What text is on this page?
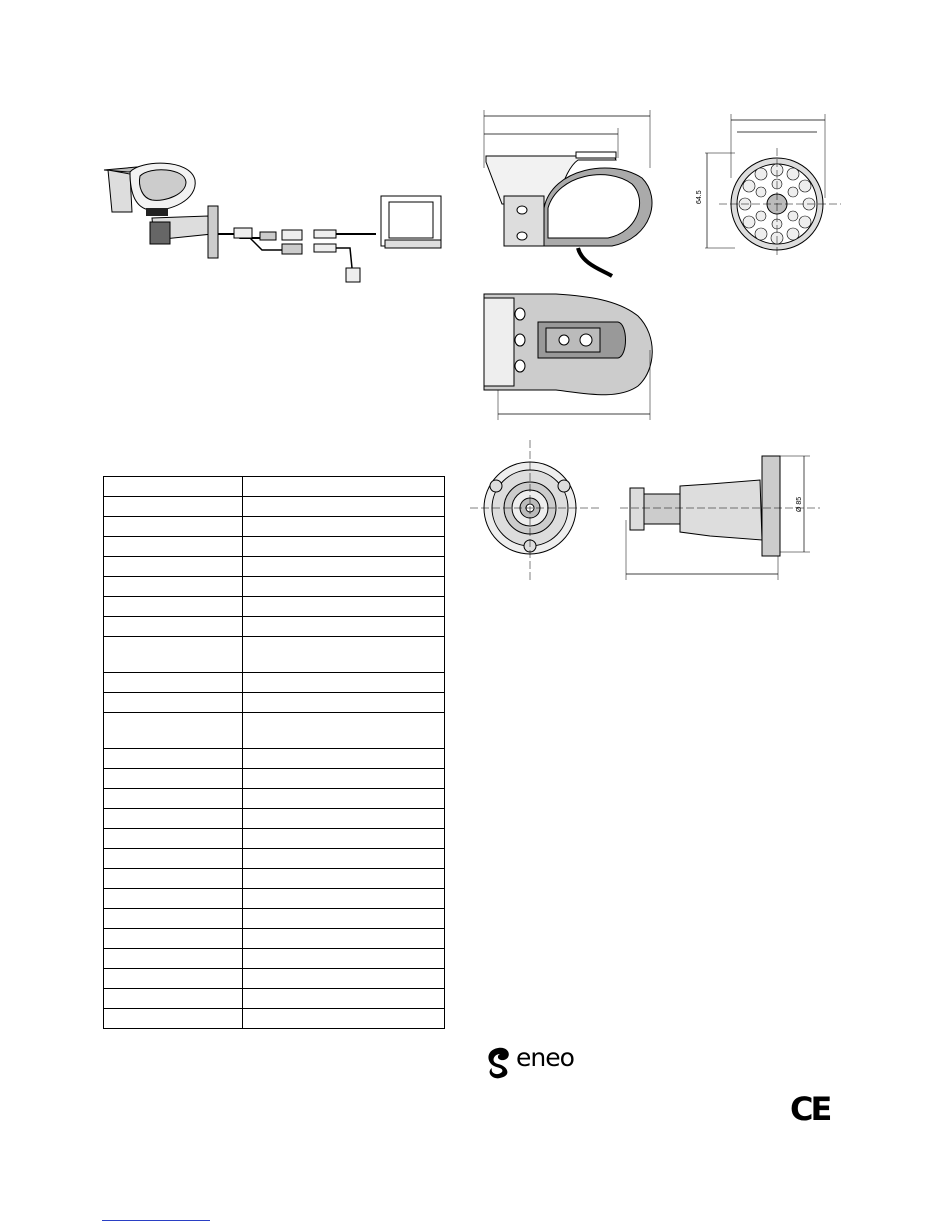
64.5
Ø 85

eneo
CE
